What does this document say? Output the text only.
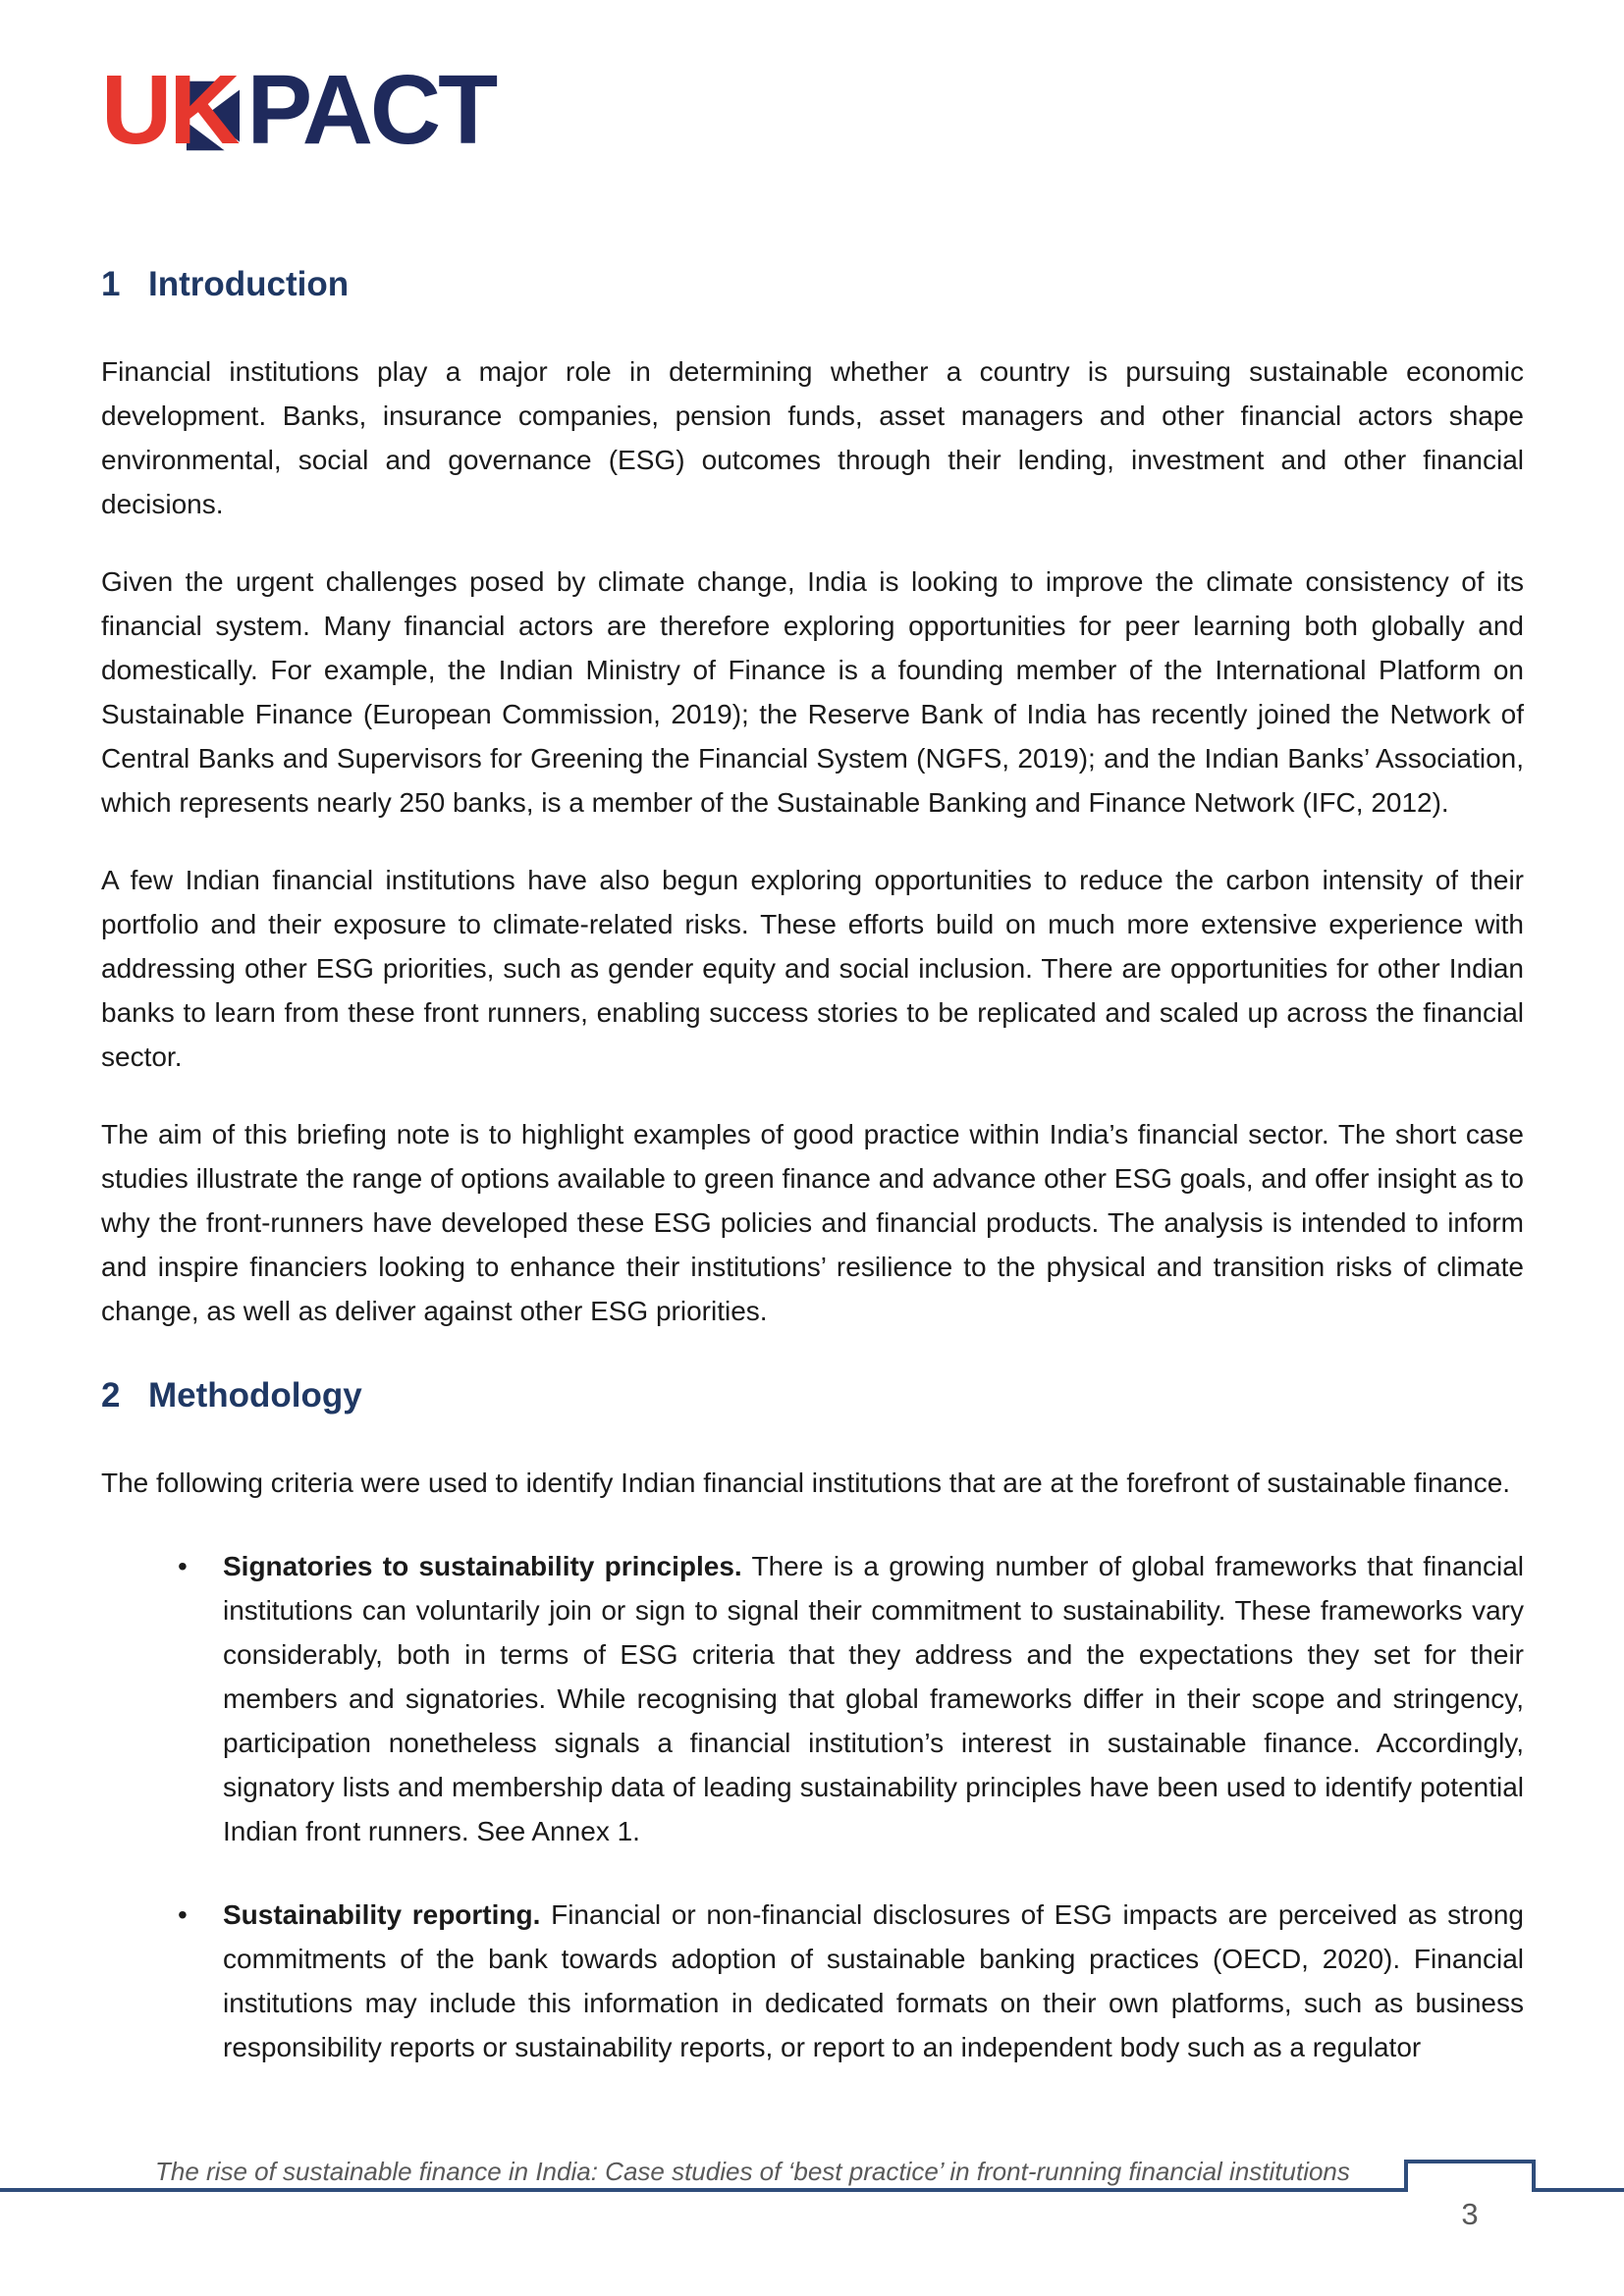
U K PACT
1 Introduction

Financial institutions play a major role in determining whether a country is pursuing sustainable economic development. Banks, insurance companies, pension funds, asset managers and other financial actors shape environmental, social and governance (ESG) outcomes through their lending, investment and other financial decisions.

Given the urgent challenges posed by climate change, India is looking to improve the climate consistency of its financial system. Many financial actors are therefore exploring opportunities for peer learning both globally and domestically. For example, the Indian Ministry of Finance is a founding member of the International Platform on Sustainable Finance (European Commission, 2019); the Reserve Bank of India has recently joined the Network of Central Banks and Supervisors for Greening the Financial System (NGFS, 2019); and the Indian Banks’ Association, which represents nearly 250 banks, is a member of the Sustainable Banking and Finance Network (IFC, 2012).

A few Indian financial institutions have also begun exploring opportunities to reduce the carbon intensity of their portfolio and their exposure to climate-related risks. These efforts build on much more extensive experience with addressing other ESG priorities, such as gender equity and social inclusion. There are opportunities for other Indian banks to learn from these front runners, enabling success stories to be replicated and scaled up across the financial sector.

The aim of this briefing note is to highlight examples of good practice within India’s financial sector. The short case studies illustrate the range of options available to green finance and advance other ESG goals, and offer insight as to why the front-runners have developed these ESG policies and financial products. The analysis is intended to inform and inspire financiers looking to enhance their institutions’ resilience to the physical and transition risks of climate change, as well as deliver against other ESG priorities.

2 Methodology

The following criteria were used to identify Indian financial institutions that are at the forefront of sustainable finance.

•	Signatories to sustainability principles. There is a growing number of global frameworks that financial institutions can voluntarily join or sign to signal their commitment to sustainability. These frameworks vary considerably, both in terms of ESG criteria that they address and the expectations they set for their members and signatories. While recognising that global frameworks differ in their scope and stringency, participation nonetheless signals a financial institution’s interest in sustainable finance. Accordingly, signatory lists and membership data of leading sustainability principles have been used to identify potential Indian front runners. See Annex 1.

•	Sustainability reporting. Financial or non-financial disclosures of ESG impacts are perceived as strong commitments of the bank towards adoption of sustainable banking practices (OECD, 2020). Financial institutions may include this information in dedicated formats on their own platforms, such as business responsibility reports or sustainability reports, or report to an independent body such as a regulator

The rise of sustainable finance in India: Case studies of ‘best practice’ in front-running financial institutions
3
